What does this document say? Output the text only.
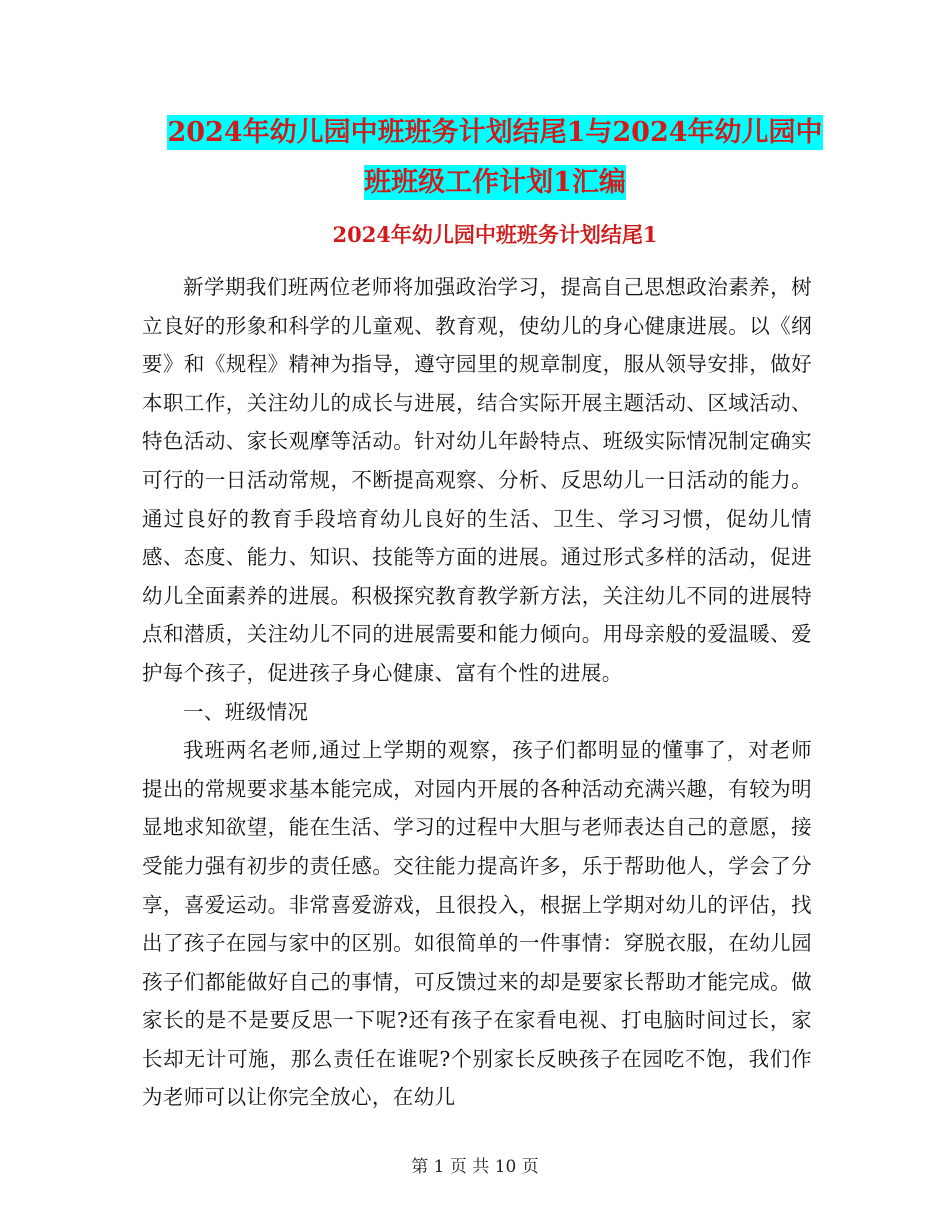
2024年幼儿园中班班务计划结尾1与2024年幼儿园中
班班级工作计划1汇编
2024年幼儿园中班班务计划结尾1

新学期我们班两位老师将加强政治学习，提高自己思想政治素养，树立良好的形象和科学的儿童观、教育观，使幼儿的身心健康进展。以《纲要》和《规程》精神为指导，遵守园里的规章制度，服从领导安排，做好本职工作，关注幼儿的成长与进展，结合实际开展主题活动、区域活动、特色活动、家长观摩等活动。针对幼儿年龄特点、班级实际情况制定确实可行的一日活动常规，不断提高观察、分析、反思幼儿一日活动的能力。通过良好的教育手段培育幼儿良好的生活、卫生、学习习惯，促幼儿情感、态度、能力、知识、技能等方面的进展。通过形式多样的活动，促进幼儿全面素养的进展。积极探究教育教学新方法，关注幼儿不同的进展特点和潜质，关注幼儿不同的进展需要和能力倾向。用母亲般的爱温暖、爱护每个孩子，促进孩子身心健康、富有个性的进展。

一、班级情况

我班两名老师,通过上学期的观察，孩子们都明显的懂事了，对老师提出的常规要求基本能完成，对园内开展的各种活动充满兴趣，有较为明显地求知欲望，能在生活、学习的过程中大胆与老师表达自己的意愿，接受能力强有初步的责任感。交往能力提高许多，乐于帮助他人，学会了分享，喜爱运动。非常喜爱游戏，且很投入，根据上学期对幼儿的评估，找出了孩子在园与家中的区别。如很简单的一件事情：穿脱衣服，在幼儿园孩子们都能做好自己的事情，可反馈过来的却是要家长帮助才能完成。做家长的是不是要反思一下呢?还有孩子在家看电视、打电脑时间过长，家长却无计可施，那么责任在谁呢?个别家长反映孩子在园吃不饱，我们作为老师可以让你完全放心，在幼儿

第 1 页 共 10 页
